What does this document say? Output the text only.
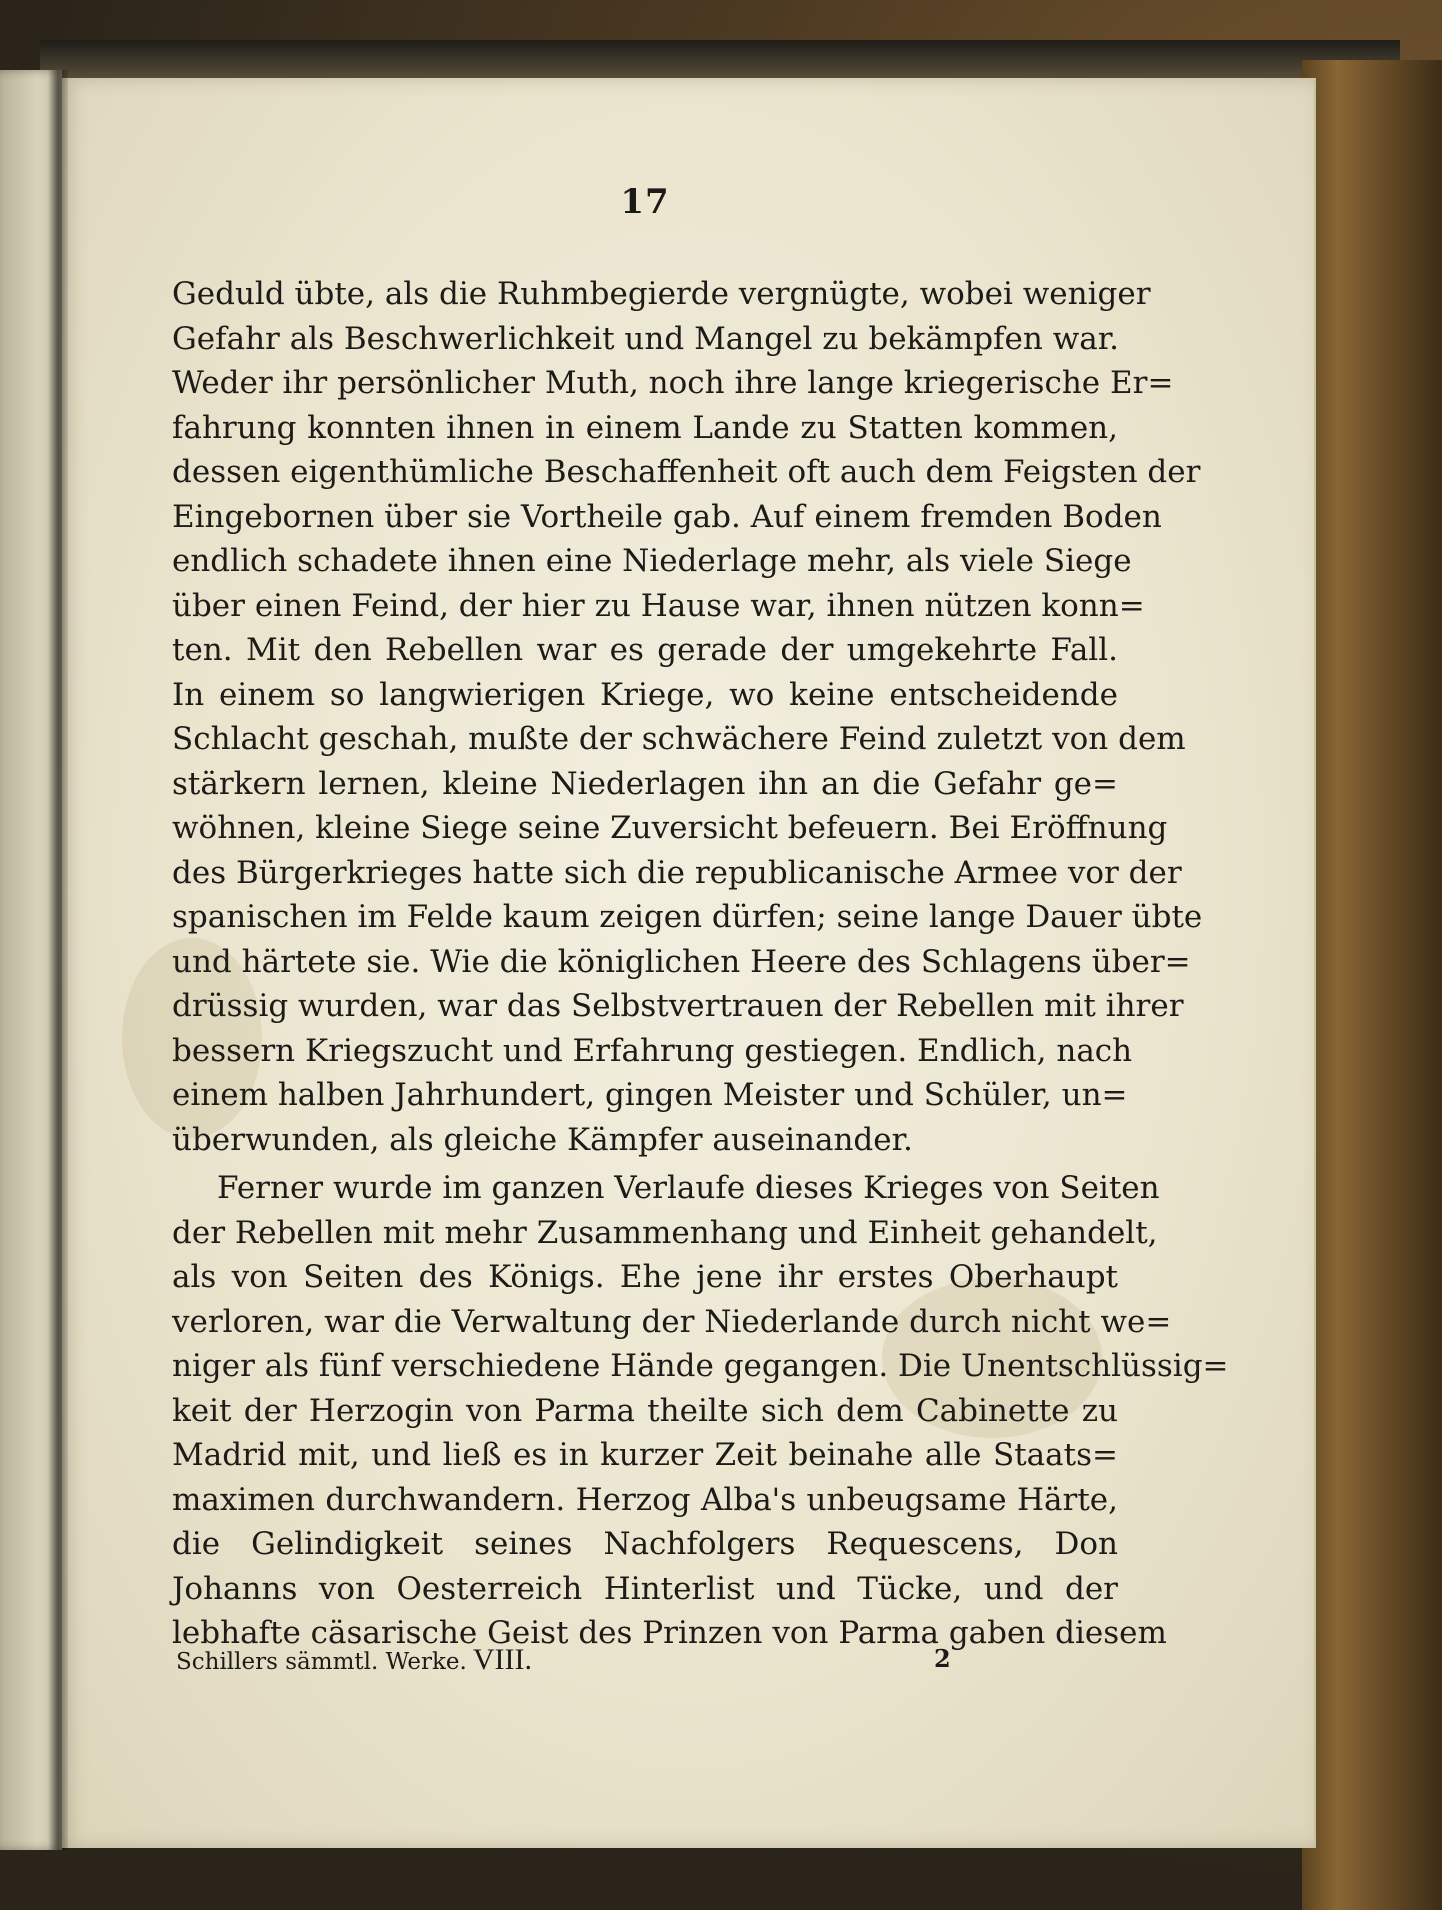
17
Geduld übte, als die Ruhmbegierde vergnügte, wobei weniger
Gefahr als Beschwerlichkeit und Mangel zu bekämpfen war.
Weder ihr persönlicher Muth, noch ihre lange kriegerische Er=
fahrung konnten ihnen in einem Lande zu Statten kommen,
dessen eigenthümliche Beschaffenheit oft auch dem Feigsten der
Eingebornen über sie Vortheile gab. Auf einem fremden Boden
endlich schadete ihnen eine Niederlage mehr, als viele Siege
über einen Feind, der hier zu Hause war, ihnen nützen konn=
ten. Mit den Rebellen war es gerade der umgekehrte Fall.
In einem so langwierigen Kriege, wo keine entscheidende
Schlacht geschah, mußte der schwächere Feind zuletzt von dem
stärkern lernen, kleine Niederlagen ihn an die Gefahr ge=
wöhnen, kleine Siege seine Zuversicht befeuern. Bei Eröffnung
des Bürgerkrieges hatte sich die republicanische Armee vor der
spanischen im Felde kaum zeigen dürfen; seine lange Dauer übte
und härtete sie. Wie die königlichen Heere des Schlagens über=
drüssig wurden, war das Selbstvertrauen der Rebellen mit ihrer
bessern Kriegszucht und Erfahrung gestiegen. Endlich, nach
einem halben Jahrhundert, gingen Meister und Schüler, un=
überwunden, als gleiche Kämpfer auseinander.
Ferner wurde im ganzen Verlaufe dieses Krieges von Seiten
der Rebellen mit mehr Zusammenhang und Einheit gehandelt,
als von Seiten des Königs. Ehe jene ihr erstes Oberhaupt
verloren, war die Verwaltung der Niederlande durch nicht we=
niger als fünf verschiedene Hände gegangen. Die Unentschlüssig=
keit der Herzogin von Parma theilte sich dem Cabinette zu
Madrid mit, und ließ es in kurzer Zeit beinahe alle Staats=
maximen durchwandern. Herzog Alba's unbeugsame Härte,
die Gelindigkeit seines Nachfolgers Requescens, Don
Johanns von Oesterreich Hinterlist und Tücke, und der
lebhafte cäsarische Geist des Prinzen von Parma gaben diesem
Schillers sämmtl. Werke. VIII.	2
